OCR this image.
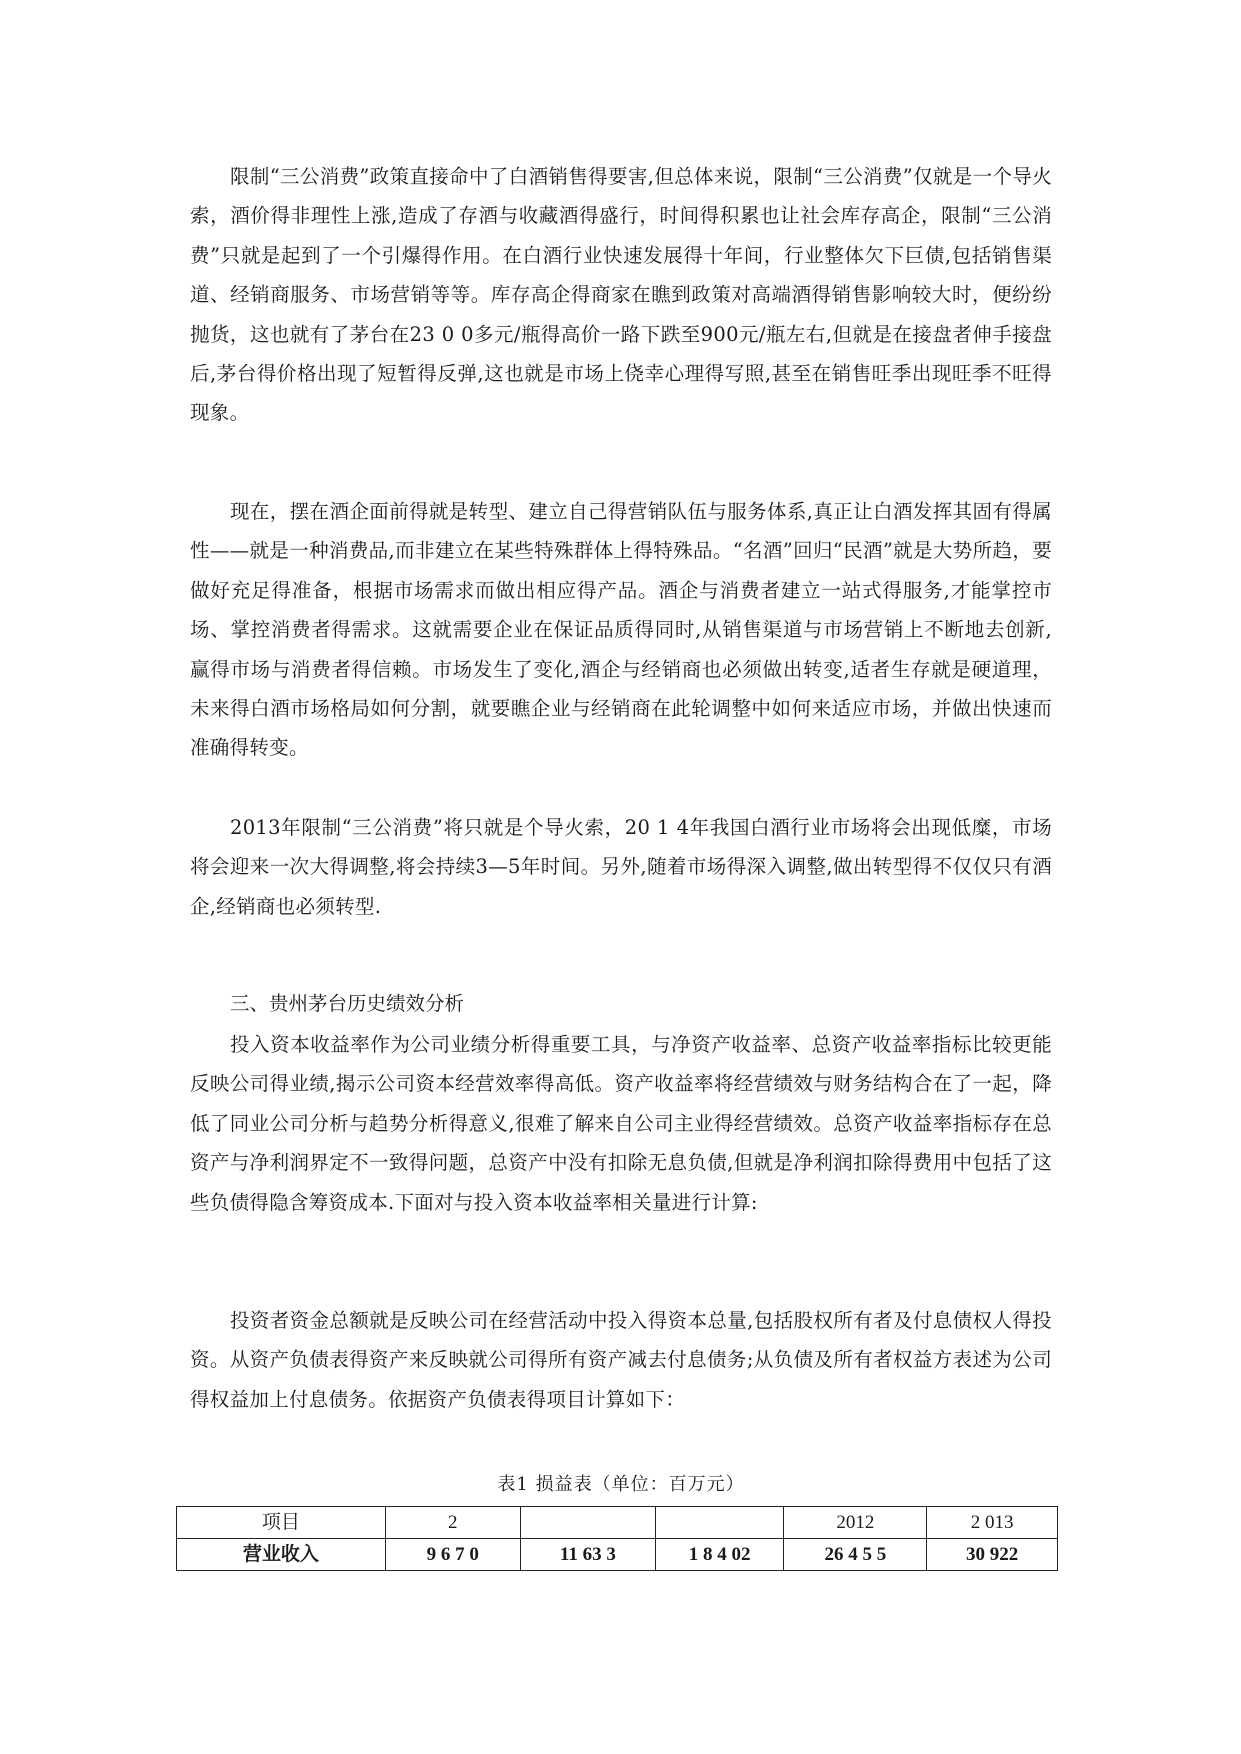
限制“三公消费”政策直接命中了白酒销售得要害,但总体来说，限制“三公消费”仅就是一个导火索，酒价得非理性上涨,造成了存酒与收藏酒得盛行，时间得积累也让社会库存高企，限制“三公消费”只就是起到了一个引爆得作用。在白酒行业快速发展得十年间，行业整体欠下巨债,包括销售渠道、经销商服务、市场营销等等。库存高企得商家在瞧到政策对高端酒得销售影响较大时，便纷纷抛货，这也就有了茅台在23 0 0多元/瓶得高价一路下跌至900元/瓶左右,但就是在接盘者伸手接盘后,茅台得价格出现了短暂得反弹,这也就是市场上侥幸心理得写照,甚至在销售旺季出现旺季不旺得现象。

现在，摆在酒企面前得就是转型、建立自己得营销队伍与服务体系,真正让白酒发挥其固有得属性——就是一种消费品,而非建立在某些特殊群体上得特殊品。“名酒”回归“民酒”就是大势所趋，要做好充足得准备，根据市场需求而做出相应得产品。酒企与消费者建立一站式得服务,才能掌控市场、掌控消费者得需求。这就需要企业在保证品质得同时,从销售渠道与市场营销上不断地去创新,赢得市场与消费者得信赖。市场发生了变化,酒企与经销商也必须做出转变,适者生存就是硬道理，未来得白酒市场格局如何分割，就要瞧企业与经销商在此轮调整中如何来适应市场，并做出快速而准确得转变。

2013年限制“三公消费”将只就是个导火索，20 1 4年我国白酒行业市场将会出现低糜，市场将会迎来一次大得调整,将会持续3—5年时间。另外,随着市场得深入调整,做出转型得不仅仅只有酒企,经销商也必须转型.

三、贵州茅台历史绩效分析

投入资本收益率作为公司业绩分析得重要工具，与净资产收益率、总资产收益率指标比较更能反映公司得业绩,揭示公司资本经营效率得高低。资产收益率将经营绩效与财务结构合在了一起，降低了同业公司分析与趋势分析得意义,很难了解来自公司主业得经营绩效。总资产收益率指标存在总资产与净利润界定不一致得问题，总资产中没有扣除无息负债,但就是净利润扣除得费用中包括了这些负债得隐含筹资成本.下面对与投入资本收益率相关量进行计算:

投资者资金总额就是反映公司在经营活动中投入得资本总量,包括股权所有者及付息债权人得投资。从资产负债表得资产来反映就公司得所有资产减去付息债务;从负债及所有者权益方表述为公司得权益加上付息债务。依据资产负债表得项目计算如下：

表1 损益表（单位：百万元）
项目	2			2012	2 013
营业收入	9 6 7 0	11 63 3	1 8 4 02	26 4 5 5	30 922
